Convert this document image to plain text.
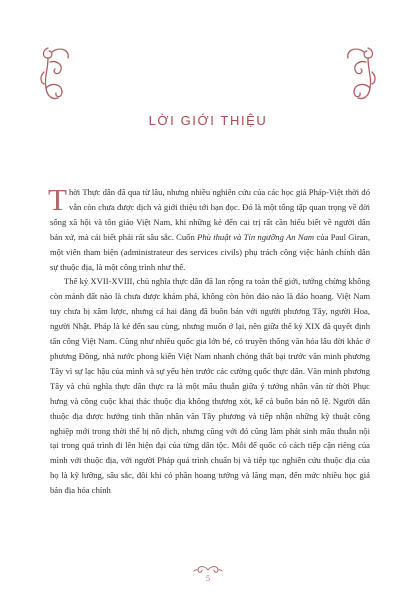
LỜI GIỚI THIỆU

Thời Thực dân đã qua từ lâu, nhưng nhiều nghiên cứu của các học giả Pháp-Việt thời đó vẫn còn chưa được dịch và giới thiệu tới bạn đọc. Đó là một tổng tập quan trọng về đời sống xã hội và tôn giáo Việt Nam, khi những kẻ đến cai trị rất cần hiểu biết về người dân bản xứ, mà cái biết phải rất sâu sắc. Cuốn Phù thuật và Tín ngưỡng An Nam của Paul Giran, một viên tham biện (administrateur des services civils) phụ trách công việc hành chính dân sự thuộc địa, là một công trình như thế.

Thế kỷ XVII-XVIII, chủ nghĩa thực dân đã lan rộng ra toàn thế giới, tưởng chừng không còn mảnh đất nào là chưa được khám phá, không còn hòn đảo nào là đảo hoang. Việt Nam tuy chưa bị xâm lược, nhưng cả hai đàng đã buôn bán với người phương Tây, người Hoa, người Nhật. Pháp là kẻ đến sau cùng, nhưng muốn ở lại, nên giữa thế kỷ XIX đã quyết định tấn công Việt Nam. Cũng như nhiều quốc gia lớn bé, có truyền thống văn hóa lâu đời khác ở phương Đông, nhà nước phong kiến Việt Nam nhanh chóng thất bại trước văn minh phương Tây vì sự lạc hậu của mình và sự yếu hèn trước các cường quốc thực dân. Văn minh phương Tây và chủ nghĩa thực dân thực ra là một mâu thuẫn giữa ý tưởng nhân văn từ thời Phục hưng và công cuộc khai thác thuộc địa không thương xót, kể cả buôn bán nô lệ. Người dân thuộc địa được hưởng tinh thần nhân văn Tây phương và tiếp nhận những kỹ thuật công nghiệp mới trong thời thế bị nô dịch, nhưng cũng với đó cũng làm phát sinh mâu thuẫn nội tại trong quá trình đi lên hiện đại của từng dân tộc. Mỗi đế quốc có cách tiếp cận riêng của mình với thuộc địa, với người Pháp quá trình chuẩn bị và tiếp tục nghiên cứu thuộc địa của họ là kỹ lưỡng, sâu sắc, đôi khi có phần hoang tưởng và lãng mạn, đến mức nhiều học giả bản địa hóa chính

5
